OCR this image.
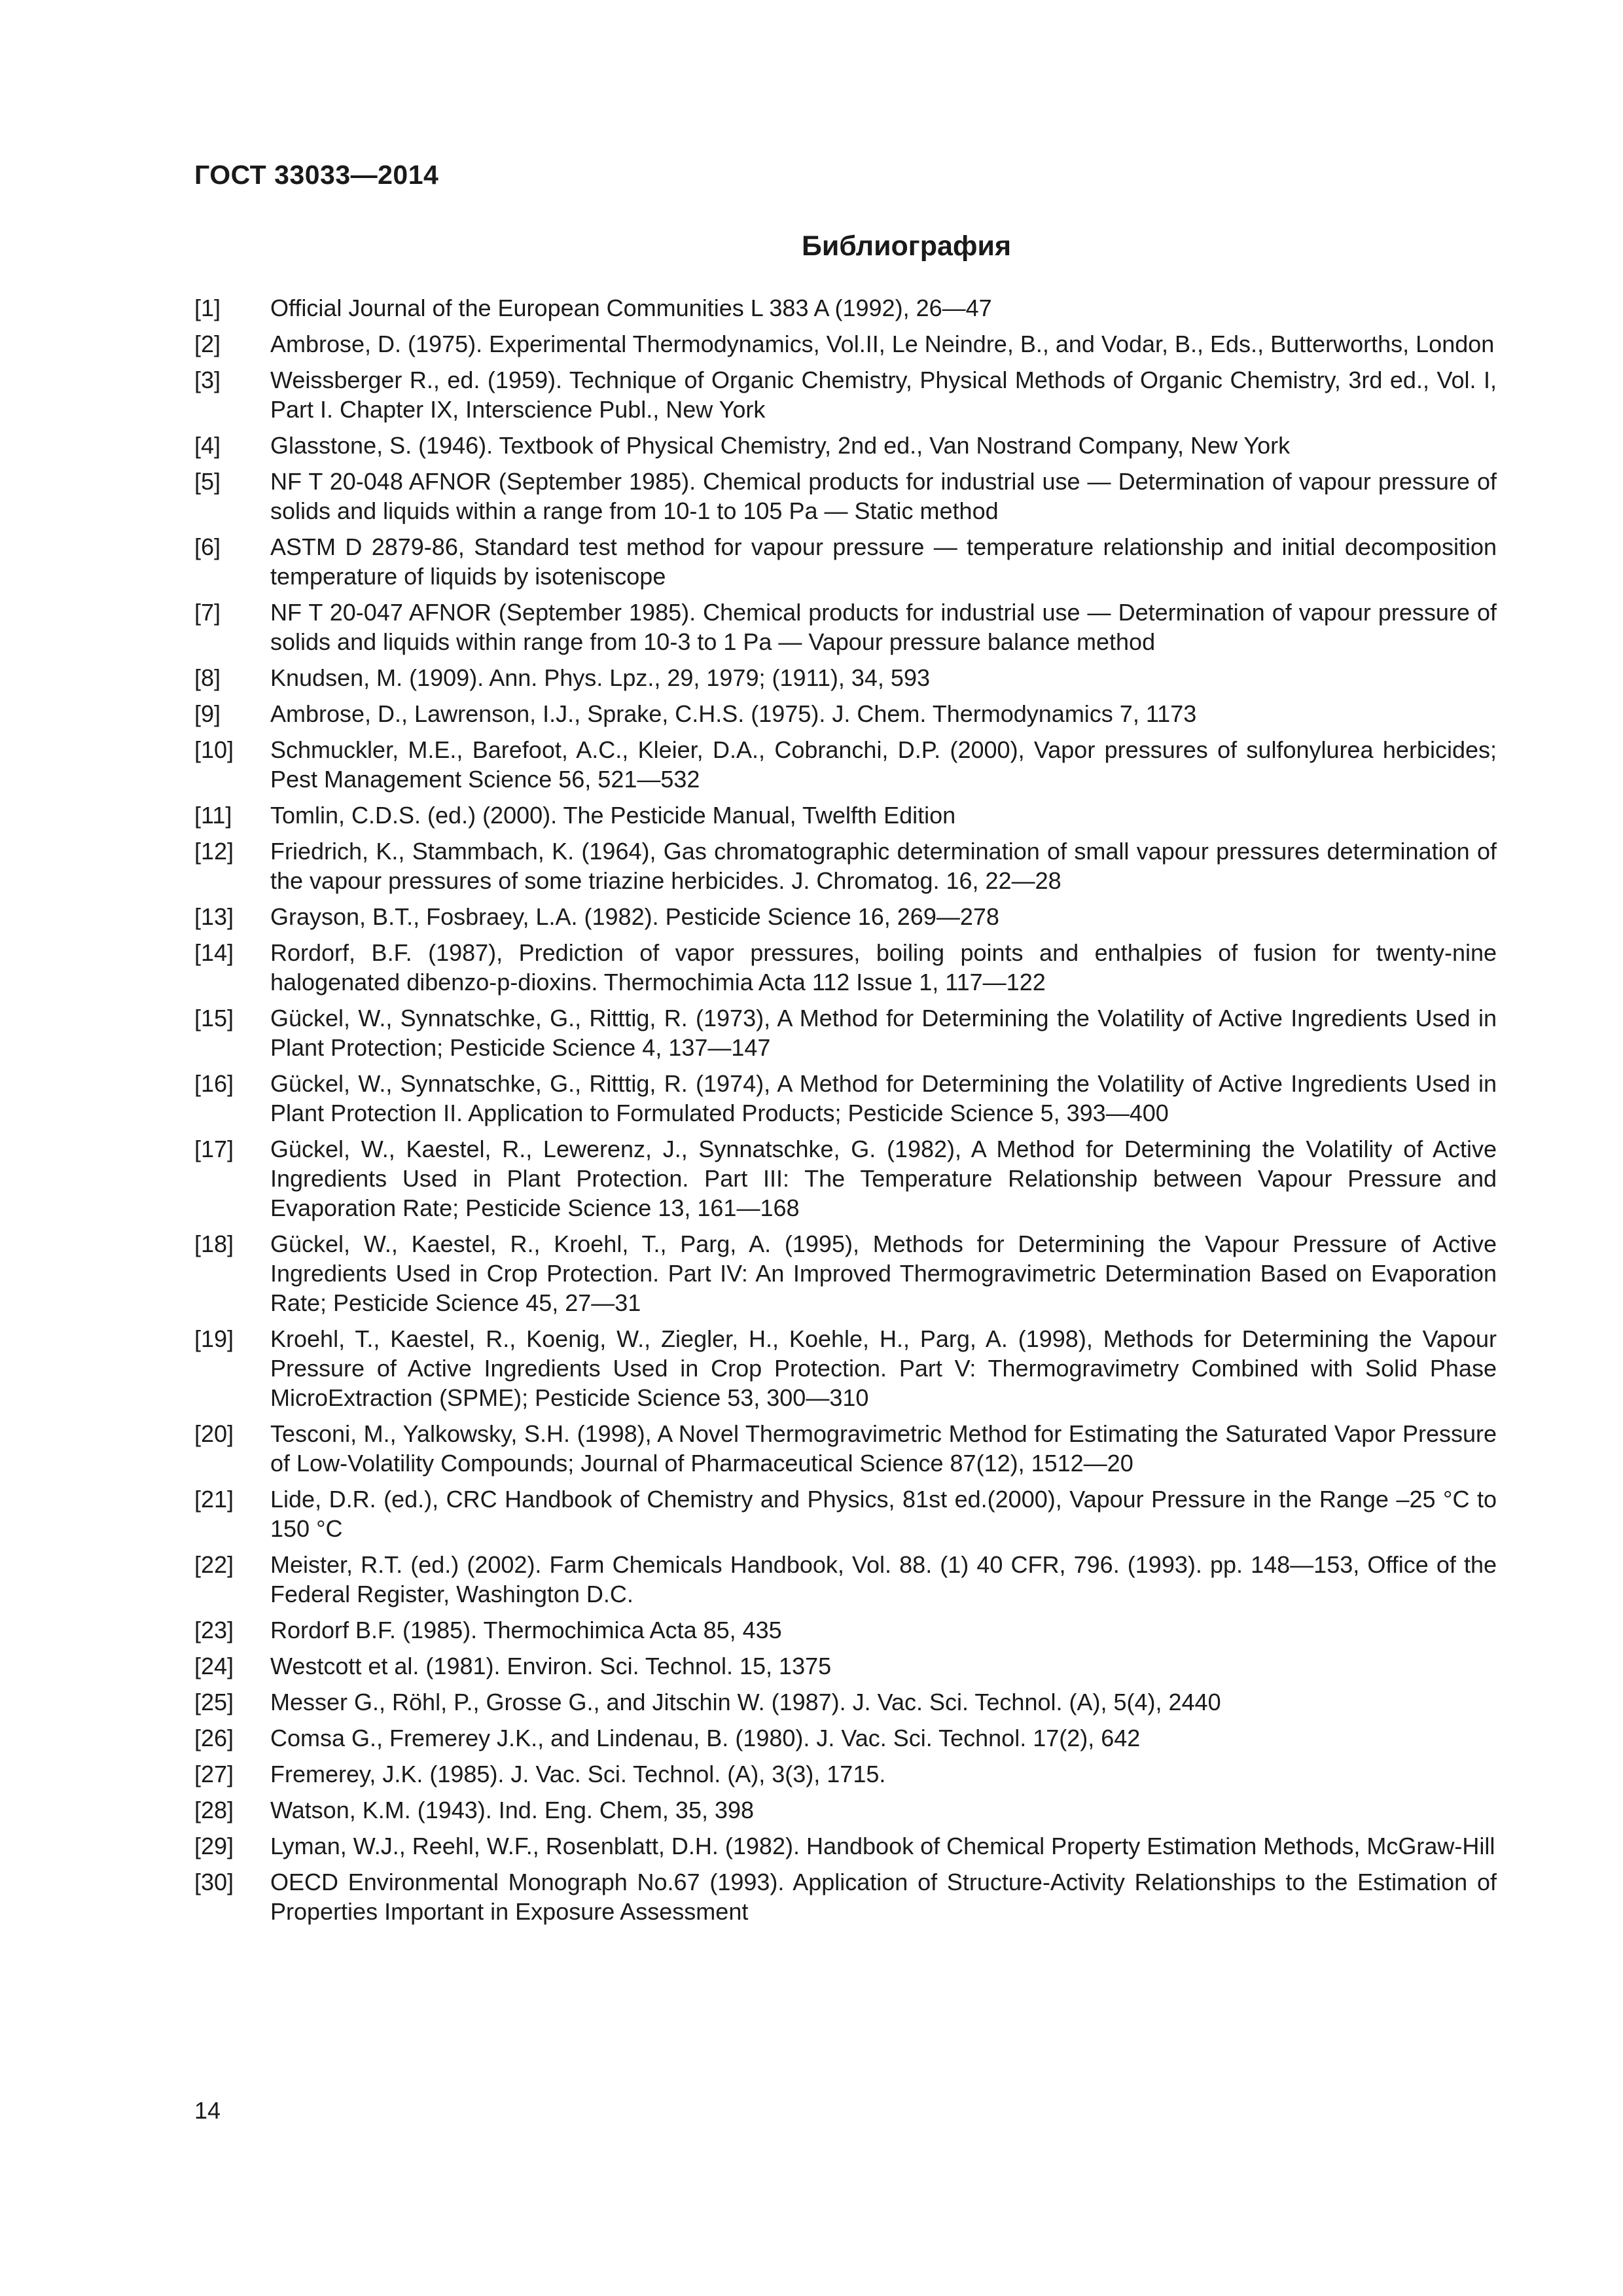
ГОСТ 33033—2014
Библиография
[1]	Official Journal of the European Communities L 383 A (1992), 26—47
[2]	Ambrose, D. (1975). Experimental Thermodynamics, Vol.II, Le Neindre, B., and Vodar, B., Eds., Butterworths, London
[3]	Weissberger R., ed. (1959). Technique of Organic Chemistry, Physical Methods of Organic Chemistry, 3rd ed., Vol. I, Part I. Chapter IX, Interscience Publ., New York
[4]	Glasstone, S. (1946). Textbook of Physical Chemistry, 2nd ed., Van Nostrand Company, New York
[5]	NF T 20-048 AFNOR (September 1985). Chemical products for industrial use — Determination of vapour pressure of solids and liquids within a range from 10-1 to 105 Pa — Static method
[6]	ASTM D 2879-86, Standard test method for vapour pressure — temperature relationship and initial decomposition temperature of liquids by isoteniscope
[7]	NF T 20-047 AFNOR (September 1985). Chemical products for industrial use — Determination of vapour pressure of solids and liquids within range from 10-3 to 1 Pa — Vapour pressure balance method
[8]	Knudsen, M. (1909). Ann. Phys. Lpz., 29, 1979; (1911), 34, 593
[9]	Ambrose, D., Lawrenson, I.J., Sprake, C.H.S. (1975). J. Chem. Thermodynamics 7, 1173
[10]	Schmuckler, M.E., Barefoot, A.C., Kleier, D.A., Cobranchi, D.P. (2000), Vapor pressures of sulfonylurea herbicides; Pest Management Science 56, 521—532
[11]	Tomlin, C.D.S. (ed.) (2000). The Pesticide Manual, Twelfth Edition
[12]	Friedrich, K., Stammbach, K. (1964), Gas chromatographic determination of small vapour pressures determination of the vapour pressures of some triazine herbicides. J. Chromatog. 16, 22—28
[13]	Grayson, B.T., Fosbraey, L.A. (1982). Pesticide Science 16, 269—278
[14]	Rordorf, B.F. (1987), Prediction of vapor pressures, boiling points and enthalpies of fusion for twenty-nine halogenated dibenzo-p-dioxins. Thermochimia Acta 112 Issue 1, 117—122
[15]	Gückel, W., Synnatschke, G., Ritttig, R. (1973), A Method for Determining the Volatility of Active Ingredients Used in Plant Protection; Pesticide Science 4, 137—147
[16]	Gückel, W., Synnatschke, G., Ritttig, R. (1974), A Method for Determining the Volatility of Active Ingredients Used in Plant Protection II. Application to Formulated Products; Pesticide Science 5, 393—400
[17]	Gückel, W., Kaestel, R., Lewerenz, J., Synnatschke, G. (1982), A Method for Determining the Volatility of Active Ingredients Used in Plant Protection. Part III: The Temperature Relationship between Vapour Pressure and Evaporation Rate; Pesticide Science 13, 161—168
[18]	Gückel, W., Kaestel, R., Kroehl, T., Parg, A. (1995), Methods for Determining the Vapour Pressure of Active Ingredients Used in Crop Protection. Part IV: An Improved Thermogravimetric Determination Based on Evaporation Rate; Pesticide Science 45, 27—31
[19]	Kroehl, T., Kaestel, R., Koenig, W., Ziegler, H., Koehle, H., Parg, A. (1998), Methods for Determining the Vapour Pressure of Active Ingredients Used in Crop Protection. Part V: Thermogravimetry Combined with Solid Phase MicroExtraction (SPME); Pesticide Science 53, 300—310
[20]	Tesconi, M., Yalkowsky, S.H. (1998), A Novel Thermogravimetric Method for Estimating the Saturated Vapor Pressure of Low-Volatility Compounds; Journal of Pharmaceutical Science 87(12), 1512—20
[21]	Lide, D.R. (ed.), CRC Handbook of Chemistry and Physics, 81st ed.(2000), Vapour Pressure in the Range –25 °C to 150 °C
[22]	Meister, R.T. (ed.) (2002). Farm Chemicals Handbook, Vol. 88. (1) 40 CFR, 796. (1993). pp. 148—153, Office of the Federal Register, Washington D.C.
[23]	Rordorf B.F. (1985). Thermochimica Acta 85, 435
[24]	Westcott et al. (1981). Environ. Sci. Technol. 15, 1375
[25]	Messer G., Röhl, P., Grosse G., and Jitschin W. (1987). J. Vac. Sci. Technol. (A), 5(4), 2440
[26]	Comsa G., Fremerey J.K., and Lindenau, B. (1980). J. Vac. Sci. Technol. 17(2), 642
[27]	Fremerey, J.K. (1985). J. Vac. Sci. Technol. (A), 3(3), 1715.
[28]	Watson, K.M. (1943). Ind. Eng. Chem, 35, 398
[29]	Lyman, W.J., Reehl, W.F., Rosenblatt, D.H. (1982). Handbook of Chemical Property Estimation Methods, McGraw-Hill
[30]	OECD Environmental Monograph No.67 (1993). Application of Structure-Activity Relationships to the Estimation of Properties Important in Exposure Assessment
14
